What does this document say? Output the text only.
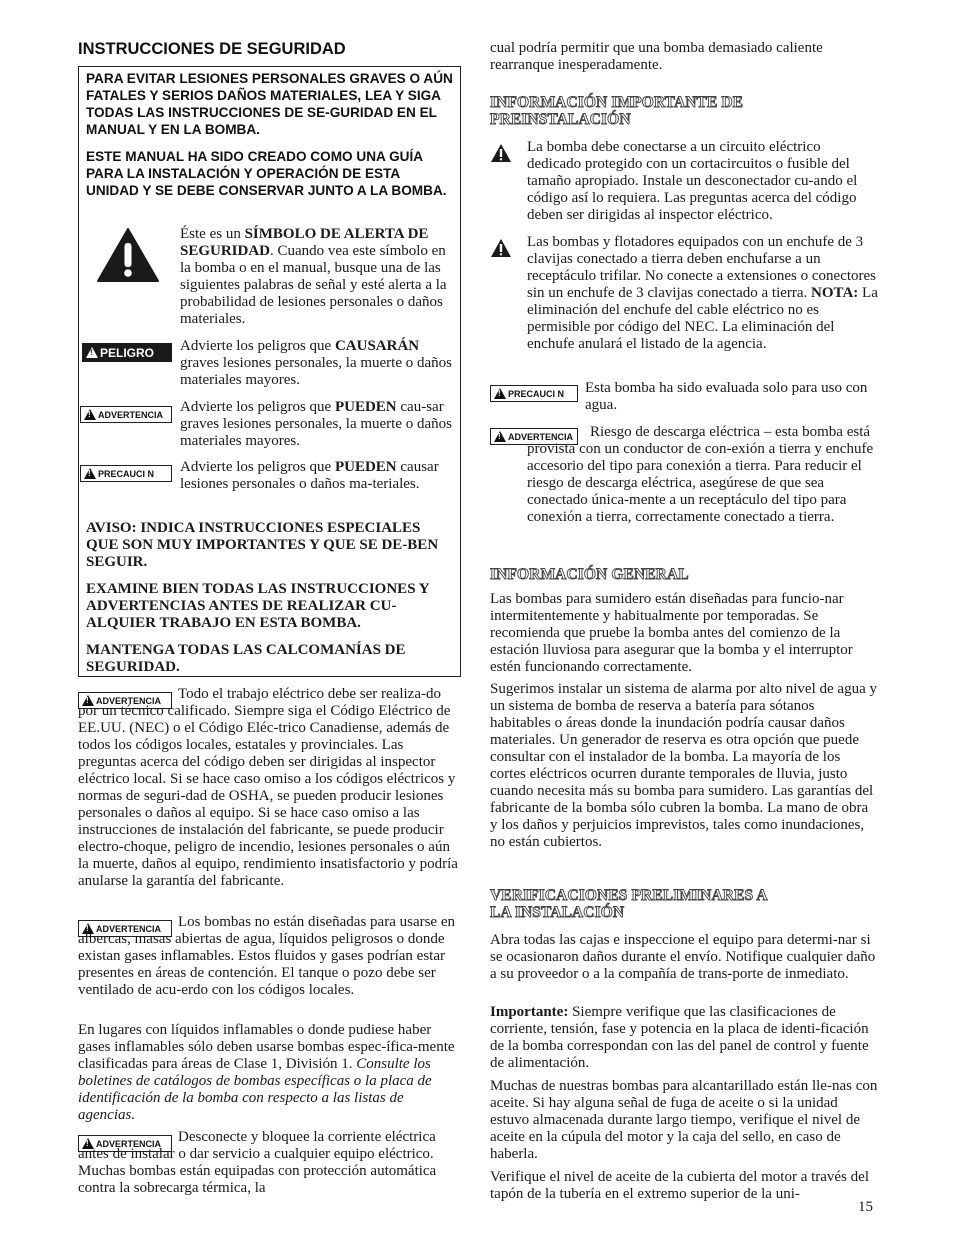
INSTRUCCIONES DE SEGURIDAD

PARA EVITAR LESIONES PERSONALES GRAVES O AÚN FATALES Y SERIOS DAÑOS MATERIALES, LEA Y SIGA TODAS LAS INSTRUCCIONES DE SE-GURIDAD EN EL MANUAL Y EN LA BOMBA.

ESTE MANUAL HA SIDO CREADO COMO UNA GUÍA PARA LA INSTALACIÓN Y OPERACIÓN DE ESTA UNIDAD Y SE DEBE CONSERVAR JUNTO A LA BOMBA.

Éste es un SÍMBOLO DE ALERTA DE SEGURIDAD. Cuando vea este símbolo en la bomba o en el manual, busque una de las siguientes palabras de señal y esté alerta a la probabilidad de lesiones personales o daños materiales.

!
PELIGRO Advierte los peligros que CAUSARÁN graves lesiones personales, la muerte o daños materiales mayores.

!
ADVERTENCIA Advierte los peligros que PUEDEN cau-sar graves lesiones personales, la muerte o daños materiales mayores.

!
PRECAUCI N Advierte los peligros que PUEDEN causar lesiones personales o daños ma-teriales.

AVISO: INDICA INSTRUCCIONES ESPECIALES QUE SON MUY IMPORTANTES Y QUE SE DE-BEN SEGUIR.

EXAMINE BIEN TODAS LAS INSTRUCCIONES Y ADVERTENCIAS ANTES DE REALIZAR CU-ALQUIER TRABAJO EN ESTA BOMBA.

MANTENGA TODAS LAS CALCOMANÍAS DE SEGURIDAD.

!
ADVERTENCIA	Todo el trabajo eléctrico debe ser realiza-do por un técnico calificado. Siempre siga el Código Eléctrico de EE.UU. (NEC) o el Código Eléc-trico Canadiense, además de todos los códigos locales, estatales y provinciales. Las preguntas acerca del código deben ser dirigidas al inspector eléctrico local. Si se hace caso omiso a los códigos eléctricos y normas de seguri-dad de OSHA, se pueden producir lesiones personales o daños al equipo. Si se hace caso omiso a las instrucciones de instalación del fabricante, se puede producir electro-choque, peligro de incendio, lesiones personales o aún la muerte, daños al equipo, rendimiento insatisfactorio y podría anularse la garantía del fabricante.

!
ADVERTENCIA	Los bombas no están diseñadas para usarse en albercas, masas abiertas de agua, líquidos peligrosos o donde existan gases inflamables. Estos fluidos y gases podrían estar presentes en áreas de contención. El tanque o pozo debe ser ventilado de acu-erdo con los códigos locales.

En lugares con líquidos inflamables o donde pudiese haber gases inflamables sólo deben usarse bombas espec-ífica-mente clasificadas para áreas de Clase 1, División 1. Consulte los boletines de catálogos de bombas específicas o la placa de identificación de la bomba con respecto a las listas de agencias.

!
ADVERTENCIA	Desconecte y bloquee la corriente eléctrica antes de instalar o dar servicio a cualquier equipo eléctrico. Muchas bombas están equipadas con protección automática contra la sobrecarga térmica, la

cual podría permitir que una bomba demasiado caliente rearranque inesperadamente.

INFORMACIÓN IMPORTANTE DE PREINSTALACIÓN

La bomba debe conectarse a un circuito eléctrico dedicado protegido con un cortacircuitos o fusible del tamaño apropiado. Instale un desconectador cu-ando el código así lo requiera. Las preguntas acerca del código deben ser dirigidas al inspector eléctrico.

Las bombas y flotadores equipados con un enchufe de 3 clavijas conectado a tierra deben enchufarse a un receptáculo trifilar. No conecte a extensiones o conectores sin un enchufe de 3 clavijas conectado a tierra. NOTA: La eliminación del enchufe del cable eléctrico no es permisible por código del NEC. La eliminación del enchufe anulará el listado de la agencia.

!
PRECAUCI N Esta bomba ha sido evaluada solo para uso con agua.

!
ADVERTENCIA	Riesgo de descarga eléctrica – esta bomba está provista con un conductor de con-exión a tierra y enchufe accesorio del tipo para conexión a tierra. Para reducir el riesgo de descarga eléctrica, asegúrese de que sea conectado única-mente a un receptáculo del tipo para conexión a tierra, correctamente conectado a tierra.

INFORMACIÓN GENERAL

Las bombas para sumidero están diseñadas para funcio-nar intermitentemente y habitualmente por temporadas. Se recomienda que pruebe la bomba antes del comienzo de la estación lluviosa para asegurar que la bomba y el interruptor estén funcionando correctamente.

Sugerimos instalar un sistema de alarma por alto nivel de agua y un sistema de bomba de reserva a batería para sótanos habitables o áreas donde la inundación podría causar daños materiales. Un generador de reserva es otra opción que puede consultar con el instalador de la bomba. La mayoría de los cortes eléctricos ocurren durante temporales de lluvia, justo cuando necesita más su bomba para sumidero. Las garantías del fabricante de la bomba sólo cubren la bomba. La mano de obra y los daños y perjuicios imprevistos, tales como inundaciones, no están cubiertos.

VERIFICACIONES PRELIMINARES A LA INSTALACIÓN

Abra todas las cajas e inspeccione el equipo para determi-nar si se ocasionaron daños durante el envío. Notifique cualquier daño a su proveedor o a la compañía de trans-porte de inmediato.

Importante: Siempre verifique que las clasificaciones de corriente, tensión, fase y potencia en la placa de identi-ficación de la bomba correspondan con las del panel de control y fuente de alimentación.

Muchas de nuestras bombas para alcantarillado están lle-nas con aceite. Si hay alguna señal de fuga de aceite o si la unidad estuvo almacenada durante largo tiempo, verifique el nivel de aceite en la cúpula del motor y la caja del sello, en caso de haberla.

Verifique el nivel de aceite de la cubierta del motor a través del tapón de la tubería en el extremo superior de la uni-

15
